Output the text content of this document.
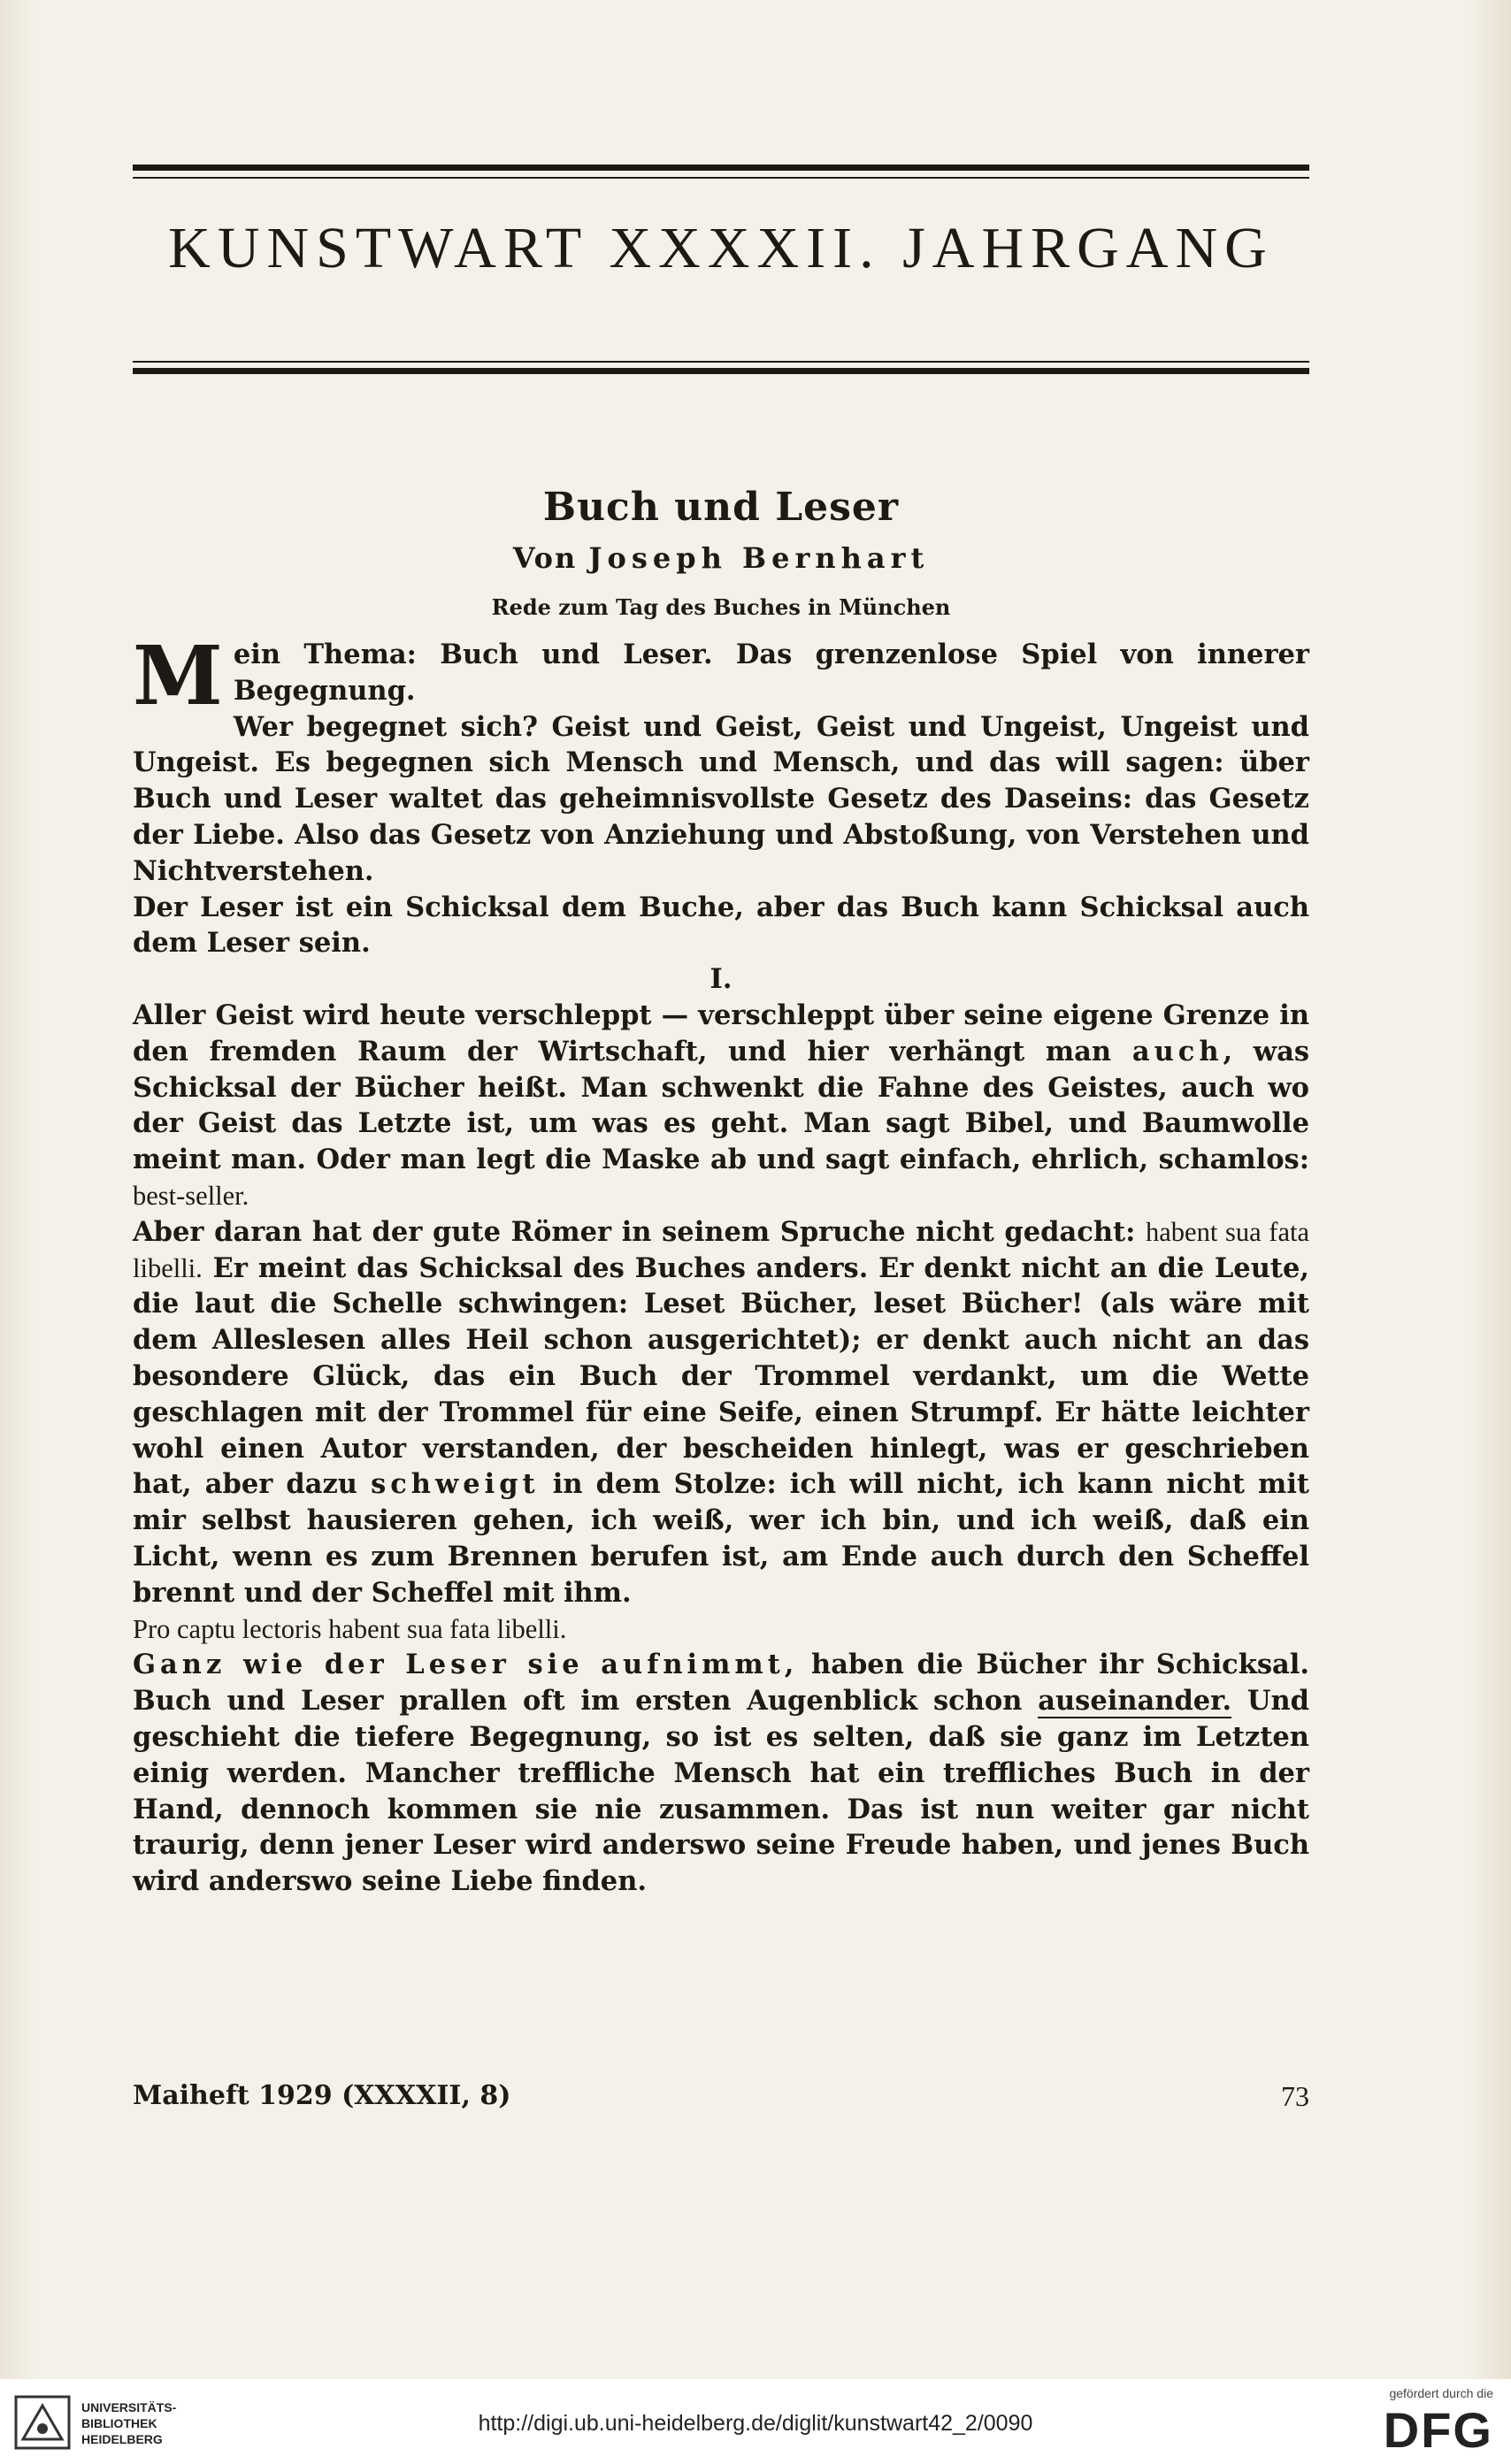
KUNSTWART XXXXII. JAHRGANG
Buch und Leser
Von Joseph Bernhart
Rede zum Tag des Buches in München

Mein Thema: Buch und Leser. Das grenzenlose Spiel von innerer Begegnung.

Wer begegnet sich? Geist und Geist, Geist und Ungeist, Ungeist und Ungeist. Es begegnen sich Mensch und Mensch, und das will sagen: über Buch und Leser waltet das geheimnisvollste Gesetz des Daseins: das Gesetz der Liebe. Also das Gesetz von Anziehung und Abstoßung, von Verstehen und Nichtverstehen.

Der Leser ist ein Schicksal dem Buche, aber das Buch kann Schicksal auch dem Leser sein.

I.

Aller Geist wird heute verschleppt — verschleppt über seine eigene Grenze in den fremden Raum der Wirtschaft, und hier verhängt man auch, was Schicksal der Bücher heißt. Man schwenkt die Fahne des Geistes, auch wo der Geist das Letzte ist, um was es geht. Man sagt Bibel, und Baumwolle meint man. Oder man legt die Maske ab und sagt einfach, ehrlich, schamlos: best-seller.

Aber daran hat der gute Römer in seinem Spruche nicht gedacht: habent sua fata libelli. Er meint das Schicksal des Buches anders. Er denkt nicht an die Leute, die laut die Schelle schwingen: Leset Bücher, leset Bücher! (als wäre mit dem Alleslesen alles Heil schon ausgerichtet); er denkt auch nicht an das besondere Glück, das ein Buch der Trommel verdankt, um die Wette geschlagen mit der Trommel für eine Seife, einen Strumpf. Er hätte leichter wohl einen Autor verstanden, der bescheiden hinlegt, was er geschrieben hat, aber dazu schweigt in dem Stolze: ich will nicht, ich kann nicht mit mir selbst hausieren gehen, ich weiß, wer ich bin, und ich weiß, daß ein Licht, wenn es zum Brennen berufen ist, am Ende auch durch den Scheffel brennt und der Scheffel mit ihm.

Pro captu lectoris habent sua fata libelli.

Ganz wie der Leser sie aufnimmt, haben die Bücher ihr Schicksal. Buch und Leser prallen oft im ersten Augenblick schon auseinander. Und geschieht die tiefere Begegnung, so ist es selten, daß sie ganz im Letzten einig werden. Mancher treffliche Mensch hat ein treffliches Buch in der Hand, dennoch kommen sie nie zusammen. Das ist nun weiter gar nicht traurig, denn jener Leser wird anderswo seine Freude haben, und jenes Buch wird anderswo seine Liebe finden.

Maiheft 1929 (XXXXII, 8)	73
UNIVERSITÄTS-
BIBLIOTHEK
HEIDELBERG
http://digi.ub.uni-heidelberg.de/diglit/kunstwart42_2/0090
gefördert durch die
DFG
